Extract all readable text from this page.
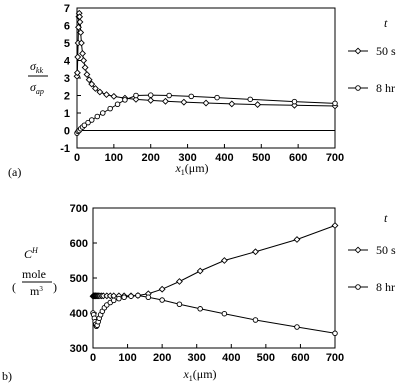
(a)
$\sigma_{kk}$
$\sigma_{ap}$
$x_1(\mu m)$
t
50 s
8 hr
-1
0
1
2
3
4
5
6
7
0 100 200 300 400 500 600 700
b)
$C^H$
(
mole
$m^3$ )
$x_1(\mu m)$
t
50 s
8 hr
300
400
500
600
700
0 100 200 300 400 500 600 700
